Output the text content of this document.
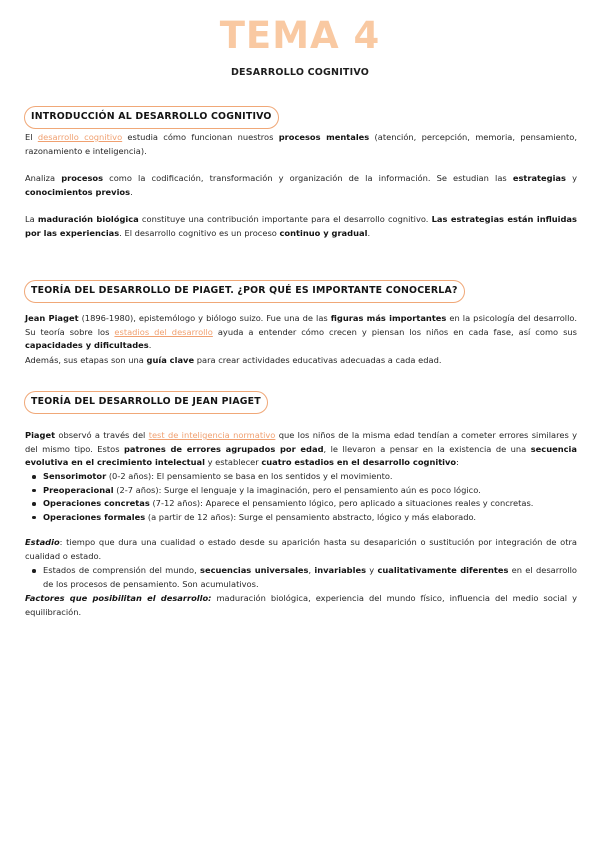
TEMA 4
DESARROLLO COGNITIVO
INTRODUCCIÓN AL DESARROLLO COGNITIVO

El desarrollo cognitivo estudia cómo funcionan nuestros procesos mentales (atención, percepción, memoria, pensamiento, razonamiento e inteligencia).

Analiza procesos como la codificación, transformación y organización de la información. Se estudian las estrategias y conocimientos previos.

La maduración biológica constituye una contribución importante para el desarrollo cognitivo. Las estrategias están influidas por las experiencias. El desarrollo cognitivo es un proceso continuo y gradual.

TEORÍA DEL DESARROLLO DE PIAGET. ¿POR QUÉ ES IMPORTANTE CONOCERLA?

Jean Piaget (1896-1980), epistemólogo y biólogo suizo. Fue una de las figuras más importantes en la psicología del desarrollo. Su teoría sobre los estadios del desarrollo ayuda a entender cómo crecen y piensan los niños en cada fase, así como sus capacidades y dificultades.

Además, sus etapas son una guía clave para crear actividades educativas adecuadas a cada edad.

TEORÍA DEL DESARROLLO DE JEAN PIAGET

Piaget observó a través del test de inteligencia normativo que los niños de la misma edad tendían a cometer errores similares y del mismo tipo. Estos patrones de errores agrupados por edad, le llevaron a pensar en la existencia de una secuencia evolutiva en el crecimiento intelectual y establecer cuatro estadios en el desarrollo cognitivo:

Sensorimotor (0-2 años): El pensamiento se basa en los sentidos y el movimiento.
Preoperacional (2-7 años): Surge el lenguaje y la imaginación, pero el pensamiento aún es poco lógico.
Operaciones concretas (7-12 años): Aparece el pensamiento lógico, pero aplicado a situaciones reales y concretas.
Operaciones formales (a partir de 12 años): Surge el pensamiento abstracto, lógico y más elaborado.

Estadio: tiempo que dura una cualidad o estado desde su aparición hasta su desaparición o sustitución por integración de otra cualidad o estado.

Estados de comprensión del mundo, secuencias universales, invariables y cualitativamente diferentes en el desarrollo de los procesos de pensamiento. Son acumulativos.

Factores que posibilitan el desarrollo: maduración biológica, experiencia del mundo físico, influencia del medio social y equilibración.
